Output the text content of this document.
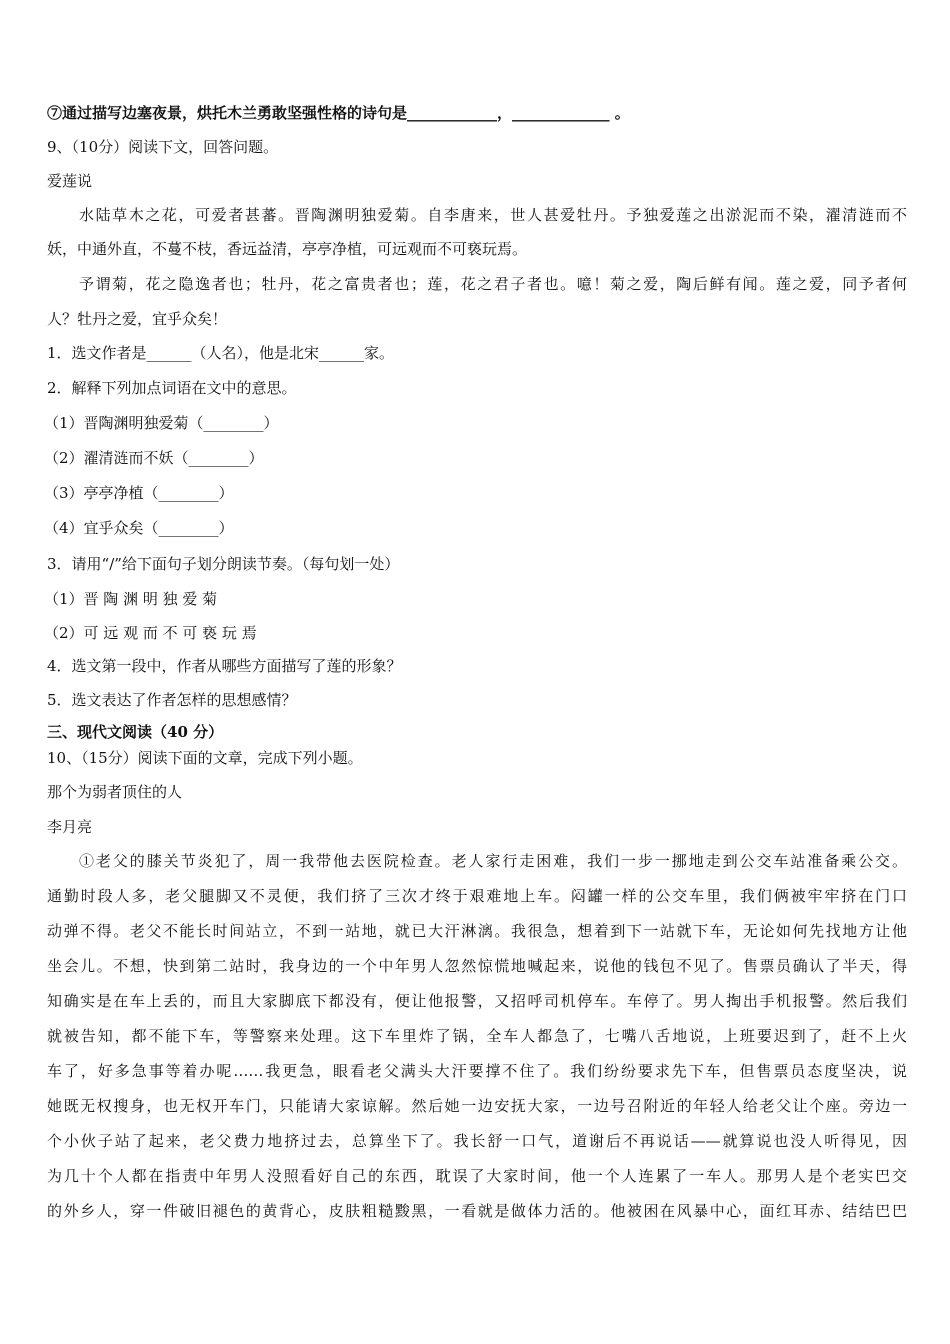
⑦通过描写边塞夜景，烘托木兰勇敢坚强性格的诗句是____________，_____________ 。
9、（10分）阅读下文，回答问题。
爱莲说
水陆草木之花，可爱者甚蕃。晋陶渊明独爱菊。自李唐来，世人甚爱牡丹。予独爱莲之出淤泥而不染，濯清涟而不
妖，中通外直，不蔓不枝，香远益清，亭亭净植，可远观而不可亵玩焉。
予谓菊，花之隐逸者也；牡丹，花之富贵者也；莲，花之君子者也。噫！菊之爱，陶后鲜有闻。莲之爱，同予者何
人？牡丹之爱，宜乎众矣！
1．选文作者是______（人名），他是北宋______家。
2．解释下列加点词语在文中的意思。
（1）晋陶渊明独爱菊（________）
（2）濯清涟而不妖（________）
（3）亭亭净植（________）
（4）宜乎众矣（________）
3．请用“/”给下面句子划分朗读节奏。（每句划一处）
（1）晋 陶 渊 明 独 爱 菊
（2）可 远 观 而 不 可 亵 玩 焉
4．选文第一段中，作者从哪些方面描写了莲的形象？
5．选文表达了作者怎样的思想感情？
三、现代文阅读（40 分）
10、（15分）阅读下面的文章，完成下列小题。
那个为弱者顶住的人
李月亮
①老父的膝关节炎犯了，周一我带他去医院检查。老人家行走困难，我们一步一挪地走到公交车站准备乘公交。
通勤时段人多，老父腿脚又不灵便，我们挤了三次才终于艰难地上车。闷罐一样的公交车里，我们俩被牢牢挤在门口
动弹不得。老父不能长时间站立，不到一站地，就已大汗淋漓。我很急，想着到下一站就下车，无论如何先找地方让他
坐会儿。不想，快到第二站时，我身边的一个中年男人忽然惊慌地喊起来，说他的钱包不见了。售票员确认了半天，得
知确实是在车上丢的，而且大家脚底下都没有，便让他报警，又招呼司机停车。车停了。男人掏出手机报警。然后我们
就被告知，都不能下车，等警察来处理。这下车里炸了锅，全车人都急了，七嘴八舌地说，上班要迟到了，赶不上火
车了，好多急事等着办呢……我更急，眼看老父满头大汗要撑不住了。我们纷纷要求先下车，但售票员态度坚决，说
她既无权搜身，也无权开车门，只能请大家谅解。然后她一边安抚大家，一边号召附近的年轻人给老父让个座。旁边一
个小伙子站了起来，老父费力地挤过去，总算坐下了。我长舒一口气，道谢后不再说话——就算说也没人听得见，因
为几十个人都在指责中年男人没照看好自己的东西，耽误了大家时间，他一个人连累了一车人。那男人是个老实巴交
的外乡人，穿一件破旧褪色的黄背心，皮肤粗糙黢黑，一看就是做体力活的。他被困在风暴中心，面红耳赤、结结巴巴
